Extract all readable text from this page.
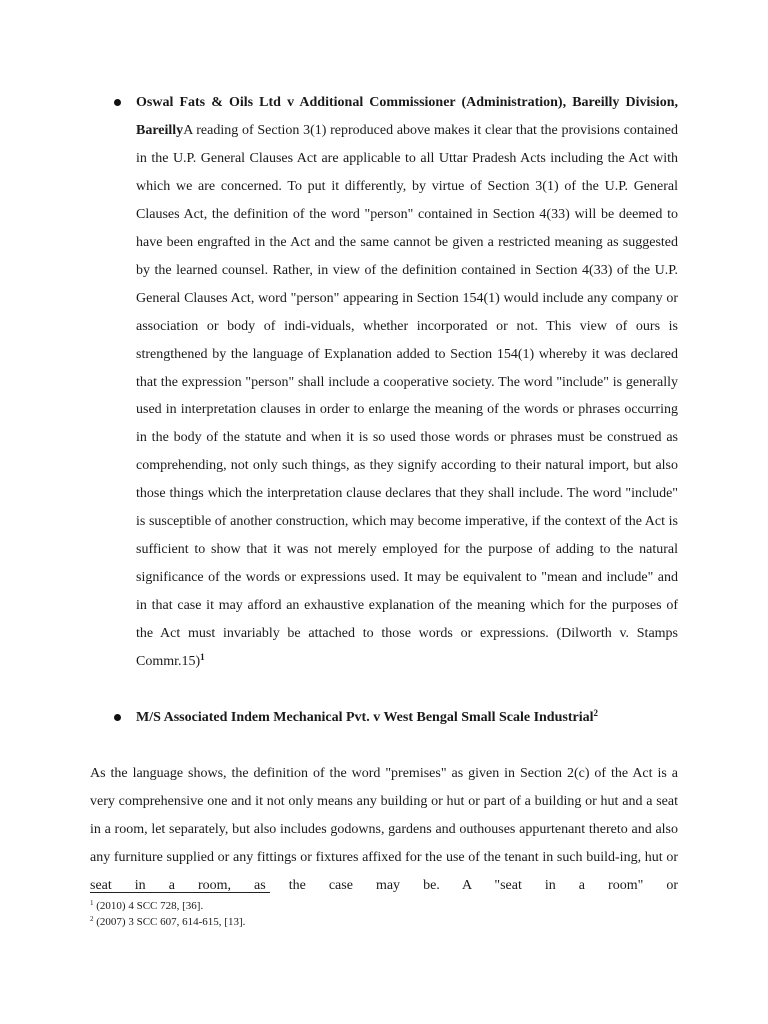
Oswal Fats & Oils Ltd v Additional Commissioner (Administration), Bareilly Division, BareillyA reading of Section 3(1) reproduced above makes it clear that the provisions contained in the U.P. General Clauses Act are applicable to all Uttar Pradesh Acts including the Act with which we are concerned. To put it differently, by virtue of Section 3(1) of the U.P. General Clauses Act, the definition of the word "person" contained in Section 4(33) will be deemed to have been engrafted in the Act and the same cannot be given a restricted meaning as suggested by the learned counsel. Rather, in view of the definition contained in Section 4(33) of the U.P. General Clauses Act, word "person" appearing in Section 154(1) would include any company or association or body of indi-viduals, whether incorporated or not. This view of ours is strengthened by the language of Explanation added to Section 154(1) whereby it was declared that the expression "person" shall include a cooperative society. The word "include" is generally used in interpretation clauses in order to enlarge the meaning of the words or phrases occurring in the body of the statute and when it is so used those words or phrases must be construed as comprehending, not only such things, as they signify according to their natural import, but also those things which the interpretation clause declares that they shall include. The word "include" is susceptible of another construction, which may become imperative, if the context of the Act is sufficient to show that it was not merely employed for the purpose of adding to the natural significance of the words or expressions used. It may be equivalent to "mean and include" and in that case it may afford an exhaustive explanation of the meaning which for the purposes of the Act must invariably be attached to those words or expressions. (Dilworth v. Stamps Commr.15)$^1$
M/S Associated Indem Mechanical Pvt. v West Bengal Small Scale Industrial$^2$
As the language shows, the definition of the word "premises" as given in Section 2(c) of the Act is a very comprehensive one and it not only means any building or hut or part of a building or hut and a seat in a room, let separately, but also includes godowns, gardens and outhouses appurtenant thereto and also any furniture supplied or any fittings or fixtures affixed for the use of the tenant in such build-ing, hut or seat in a room, as the case may be. A "seat in a room" or
$^1$ (2010) 4 SCC 728, [36].
$^2$ (2007) 3 SCC 607, 614-615, [13].
